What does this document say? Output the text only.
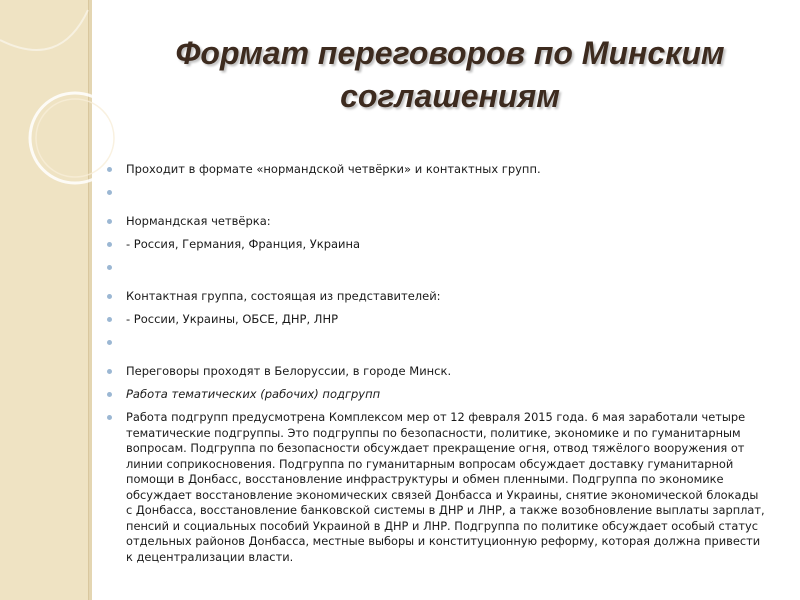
Формат переговоров по Минским соглашениям
Проходит в формате «нормандской четвёрки» и контактных групп.

Нормандская четвёрка:
- Россия, Германия, Франция, Украина

Контактная группа, состоящая из представителей:
- России, Украины, ОБСЕ, ДНР, ЛНР

Переговоры проходят в Белоруссии, в городе Минск.
Работа тематических (рабочих) подгрупп
Работа подгрупп предусмотрена Комплексом мер от 12 февраля 2015 года. 6 мая заработали четыре тематические подгруппы. Это подгруппы по безопасности, политике, экономике и по гуманитарным вопросам. Подгруппа по безопасности обсуждает прекращение огня, отвод тяжёлого вооружения от линии соприкосновения. Подгруппа по гуманитарным вопросам обсуждает доставку гуманитарной помощи в Донбасс, восстановление инфраструктуры и обмен пленными. Подгруппа по экономике обсуждает восстановление экономических связей Донбасса и Украины, снятие экономической блокады с Донбасса, восстановление банковской системы в ДНР и ЛНР, а также возобновление выплаты зарплат, пенсий и социальных пособий Украиной в ДНР и ЛНР. Подгруппа по политике обсуждает особый статус отдельных районов Донбасса, местные выборы и конституционную реформу, которая должна привести к децентрализации власти.
